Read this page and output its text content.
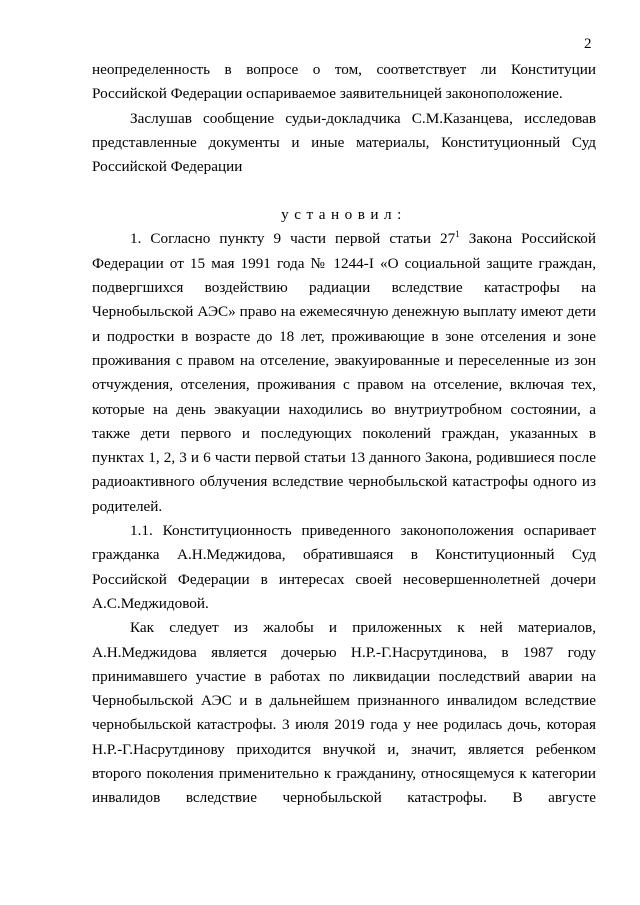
2

неопределенность в вопросе о том, соответствует ли Конституции Российской Федерации оспариваемое заявительницей законоположение.

Заслушав сообщение судьи-докладчика С.М.Казанцева, исследовав представленные документы и иные материалы, Конституционный Суд Российской Федерации

установил:

1. Согласно пункту 9 части первой статьи $27^1$ Закона Российской Федерации от 15 мая 1991 года № 1244-I «О социальной защите граждан, подвергшихся воздействию радиации вследствие катастрофы на Чернобыльской АЭС» право на ежемесячную денежную выплату имеют дети и подростки в возрасте до 18 лет, проживающие в зоне отселения и зоне проживания с правом на отселение, эвакуированные и переселенные из зон отчуждения, отселения, проживания с правом на отселение, включая тех, которые на день эвакуации находились во внутриутробном состоянии, а также дети первого и последующих поколений граждан, указанных в пунктах 1, 2, 3 и 6 части первой статьи 13 данного Закона, родившиеся после радиоактивного облучения вследствие чернобыльской катастрофы одного из родителей.

1.1. Конституционность приведенного законоположения оспаривает гражданка А.Н.Меджидова, обратившаяся в Конституционный Суд Российской Федерации в интересах своей несовершеннолетней дочери А.С.Меджидовой.

Как следует из жалобы и приложенных к ней материалов, А.Н.Меджидова является дочерью Н.Р.-Г.Насрутдинова, в 1987 году принимавшего участие в работах по ликвидации последствий аварии на Чернобыльской АЭС и в дальнейшем признанного инвалидом вследствие чернобыльской катастрофы. 3 июля 2019 года у нее родилась дочь, которая Н.Р.-Г.Насрутдинову приходится внучкой и, значит, является ребенком второго поколения применительно к гражданину, относящемуся к категории инвалидов вследствие чернобыльской катастрофы. В августе
